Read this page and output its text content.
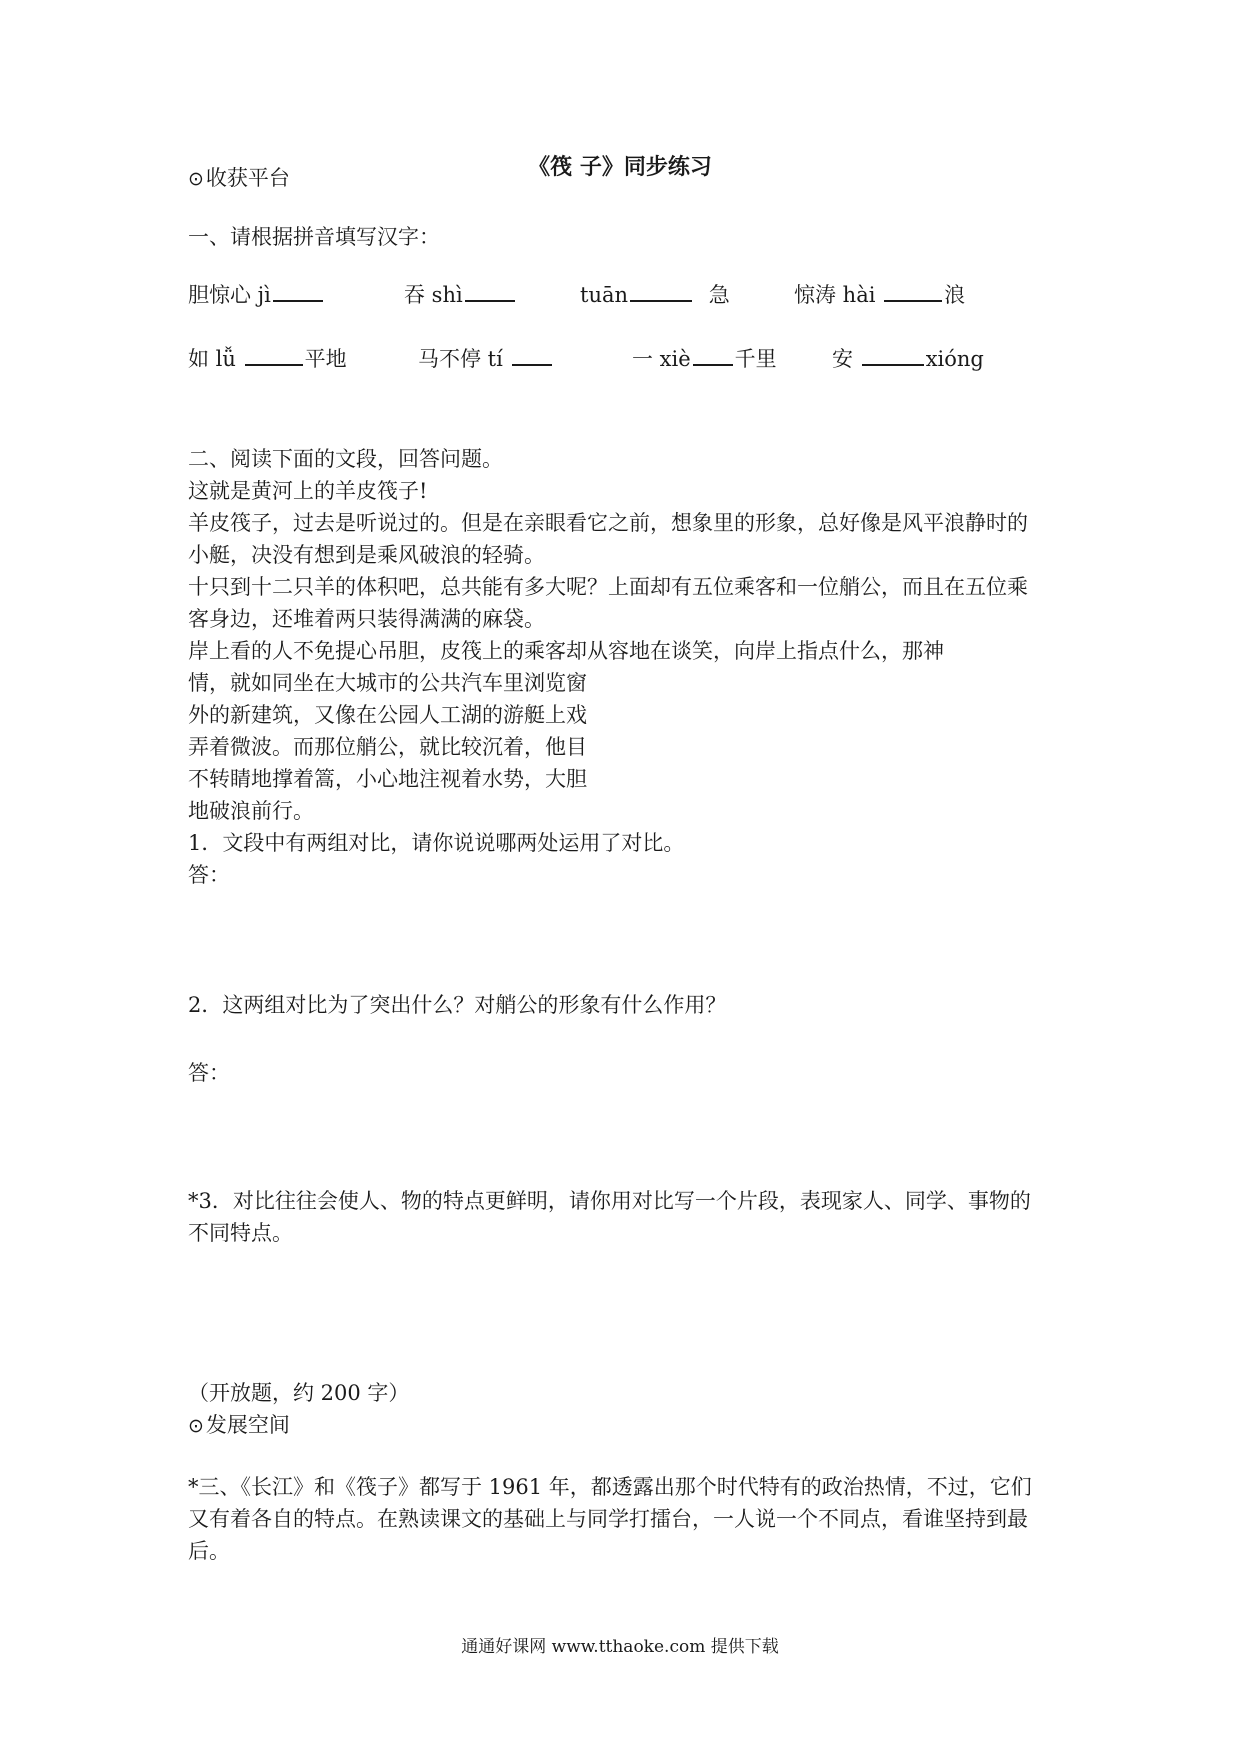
《筏 子》同步练习
⊙收获平台
一、请根据拼音填写汉字：
胆惊心 jì	吞 shì	tuān	急	惊涛 hài	浪
如 lǚ	平地	马不停 tí	一 xiè 千里	安	xióng
二、阅读下面的文段，回答问题。
这就是黄河上的羊皮筏子!
羊皮筏子，过去是听说过的。但是在亲眼看它之前，想象里的形象，总好像是风平浪静时的
小艇，决没有想到是乘风破浪的轻骑。
十只到十二只羊的体积吧，总共能有多大呢？上面却有五位乘客和一位艄公，而且在五位乘
客身边，还堆着两只装得满满的麻袋。
岸上看的人不免提心吊胆，皮筏上的乘客却从容地在谈笑，向岸上指点什么，那神
情，就如同坐在大城市的公共汽车里浏览窗
外的新建筑，又像在公园人工湖的游艇上戏
弄着微波。而那位艄公，就比较沉着，他目
不转睛地撑着篙，小心地注视着水势，大胆
地破浪前行。
1．文段中有两组对比，请你说说哪两处运用了对比。
答：
2．这两组对比为了突出什么？对艄公的形象有什么作用？
答：
*3．对比往往会使人、物的特点更鲜明，请你用对比写一个片段，表现家人、同学、事物的
不同特点。
（开放题，约 200 字）
⊙发展空间
*三、《长江》和《筏子》都写于 1961 年，都透露出那个时代特有的政治热情，不过，它们
又有着各自的特点。在熟读课文的基础上与同学打擂台，一人说一个不同点，看谁坚持到最
后。
通通好课网 www.tthaoke.com 提供下载
